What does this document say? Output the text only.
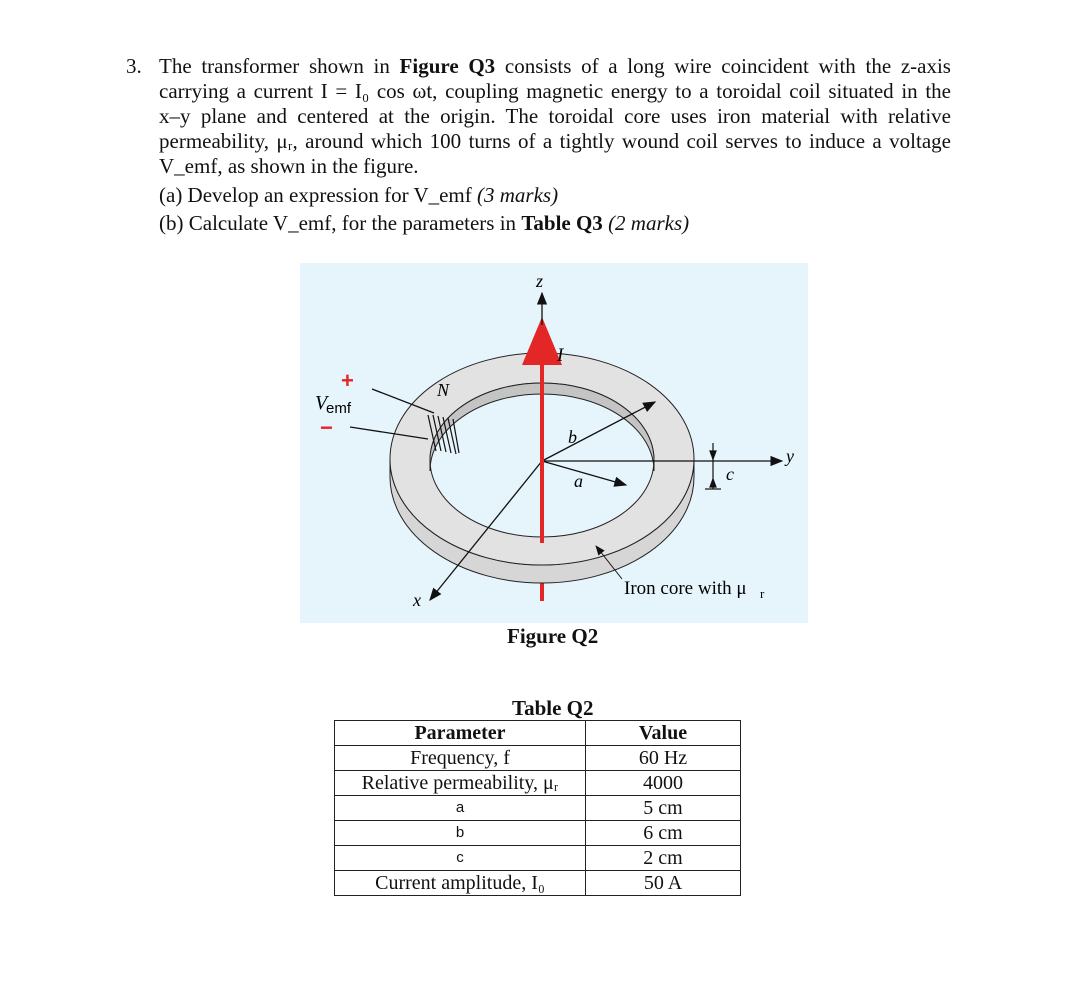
3. The transformer shown in Figure Q3 consists of a long wire coincident with the z-axis
carrying a current I = I₀ cos ωt, coupling magnetic energy to a toroidal coil situated in the
x–y plane and centered at the origin. The toroidal core uses iron material with relative
permeability, μᵣ, around which 100 turns of a tightly wound coil serves to induce a voltage
V_emf, as shown in the figure.
(a) Develop an expression for V_emf (3 marks)
(b) Calculate V_emf, for the parameters in Table Q3 (2 marks)
z
I
N
+
V
emf
−	b
a	c
y
x
Iron core with μ r
Figure Q2
Table Q2
Parameter	Value
Frequency, f	60 Hz
Relative permeability, μᵣ	4000
a	5 cm
b	6 cm
c	2 cm
Current amplitude, I₀	50 A
